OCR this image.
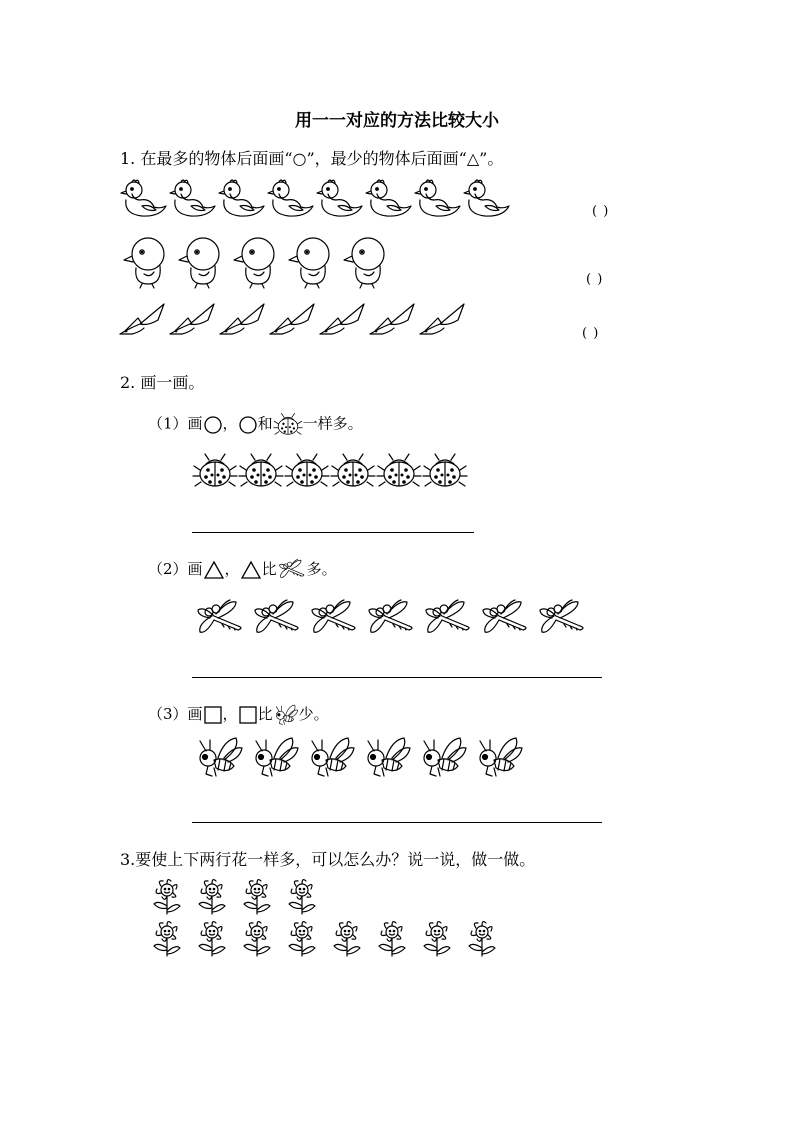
用一一对应的方法比较大小
1. 在最多的物体后面画“○”，最少的物体后面画“△”。
( )
( )
( )
2. 画一画。
（1）画 ， 和 一样多。
（2）画 ， 比 多。
（3）画 ， 比 少。
3.要使上下两行花一样多，可以怎么办？说一说，做一做。
